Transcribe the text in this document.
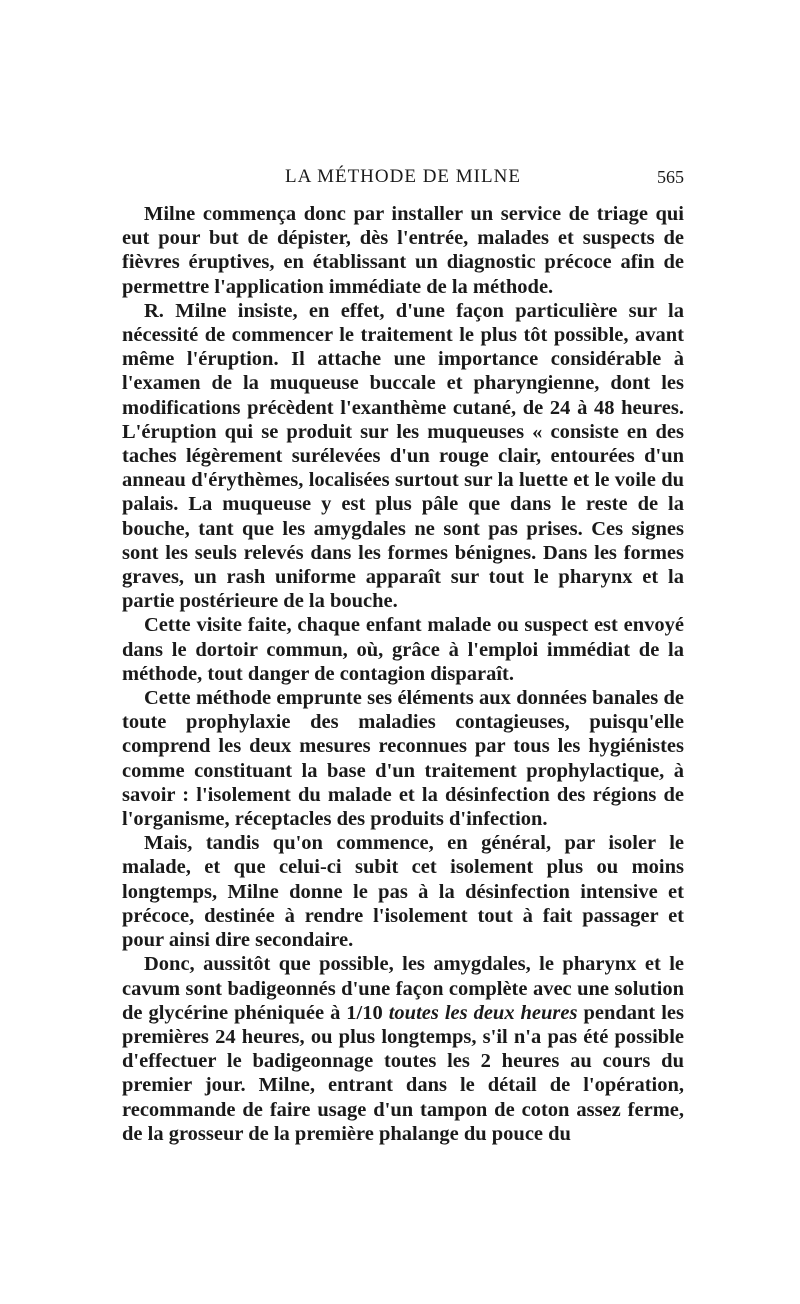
LA MÉTHODE DE MILNE	565

Milne commença donc par installer un service de triage qui eut pour but de dépister, dès l'entrée, malades et suspects de fièvres éruptives, en établissant un diagnostic précoce afin de permettre l'application immédiate de la méthode.

R. Milne insiste, en effet, d'une façon particulière sur la nécessité de commencer le traitement le plus tôt possible, avant même l'éruption. Il attache une importance considérable à l'examen de la muqueuse buccale et pharyngienne, dont les modifications précèdent l'exanthème cutané, de 24 à 48 heures. L'éruption qui se produit sur les muqueuses « consiste en des taches légèrement surélevées d'un rouge clair, entourées d'un anneau d'érythèmes, localisées surtout sur la luette et le voile du palais. La muqueuse y est plus pâle que dans le reste de la bouche, tant que les amygdales ne sont pas prises. Ces signes sont les seuls relevés dans les formes bénignes. Dans les formes graves, un rash uniforme apparaît sur tout le pharynx et la partie postérieure de la bouche.

Cette visite faite, chaque enfant malade ou suspect est envoyé dans le dortoir commun, où, grâce à l'emploi immédiat de la méthode, tout danger de contagion disparaît.

Cette méthode emprunte ses éléments aux données banales de toute prophylaxie des maladies contagieuses, puisqu'elle comprend les deux mesures reconnues par tous les hygiénistes comme constituant la base d'un traitement prophylactique, à savoir : l'isolement du malade et la désinfection des régions de l'organisme, réceptacles des produits d'infection.

Mais, tandis qu'on commence, en général, par isoler le malade, et que celui-ci subit cet isolement plus ou moins longtemps, Milne donne le pas à la désinfection intensive et précoce, destinée à rendre l'isolement tout à fait passager et pour ainsi dire secondaire.

Donc, aussitôt que possible, les amygdales, le pharynx et le cavum sont badigeonnés d'une façon complète avec une solution de glycérine phéniquée à 1/10 toutes les deux heures pendant les premières 24 heures, ou plus longtemps, s'il n'a pas été possible d'effectuer le badigeonnage toutes les 2 heures au cours du premier jour. Milne, entrant dans le détail de l'opération, recommande de faire usage d'un tampon de coton assez ferme, de la grosseur de la première phalange du pouce du
